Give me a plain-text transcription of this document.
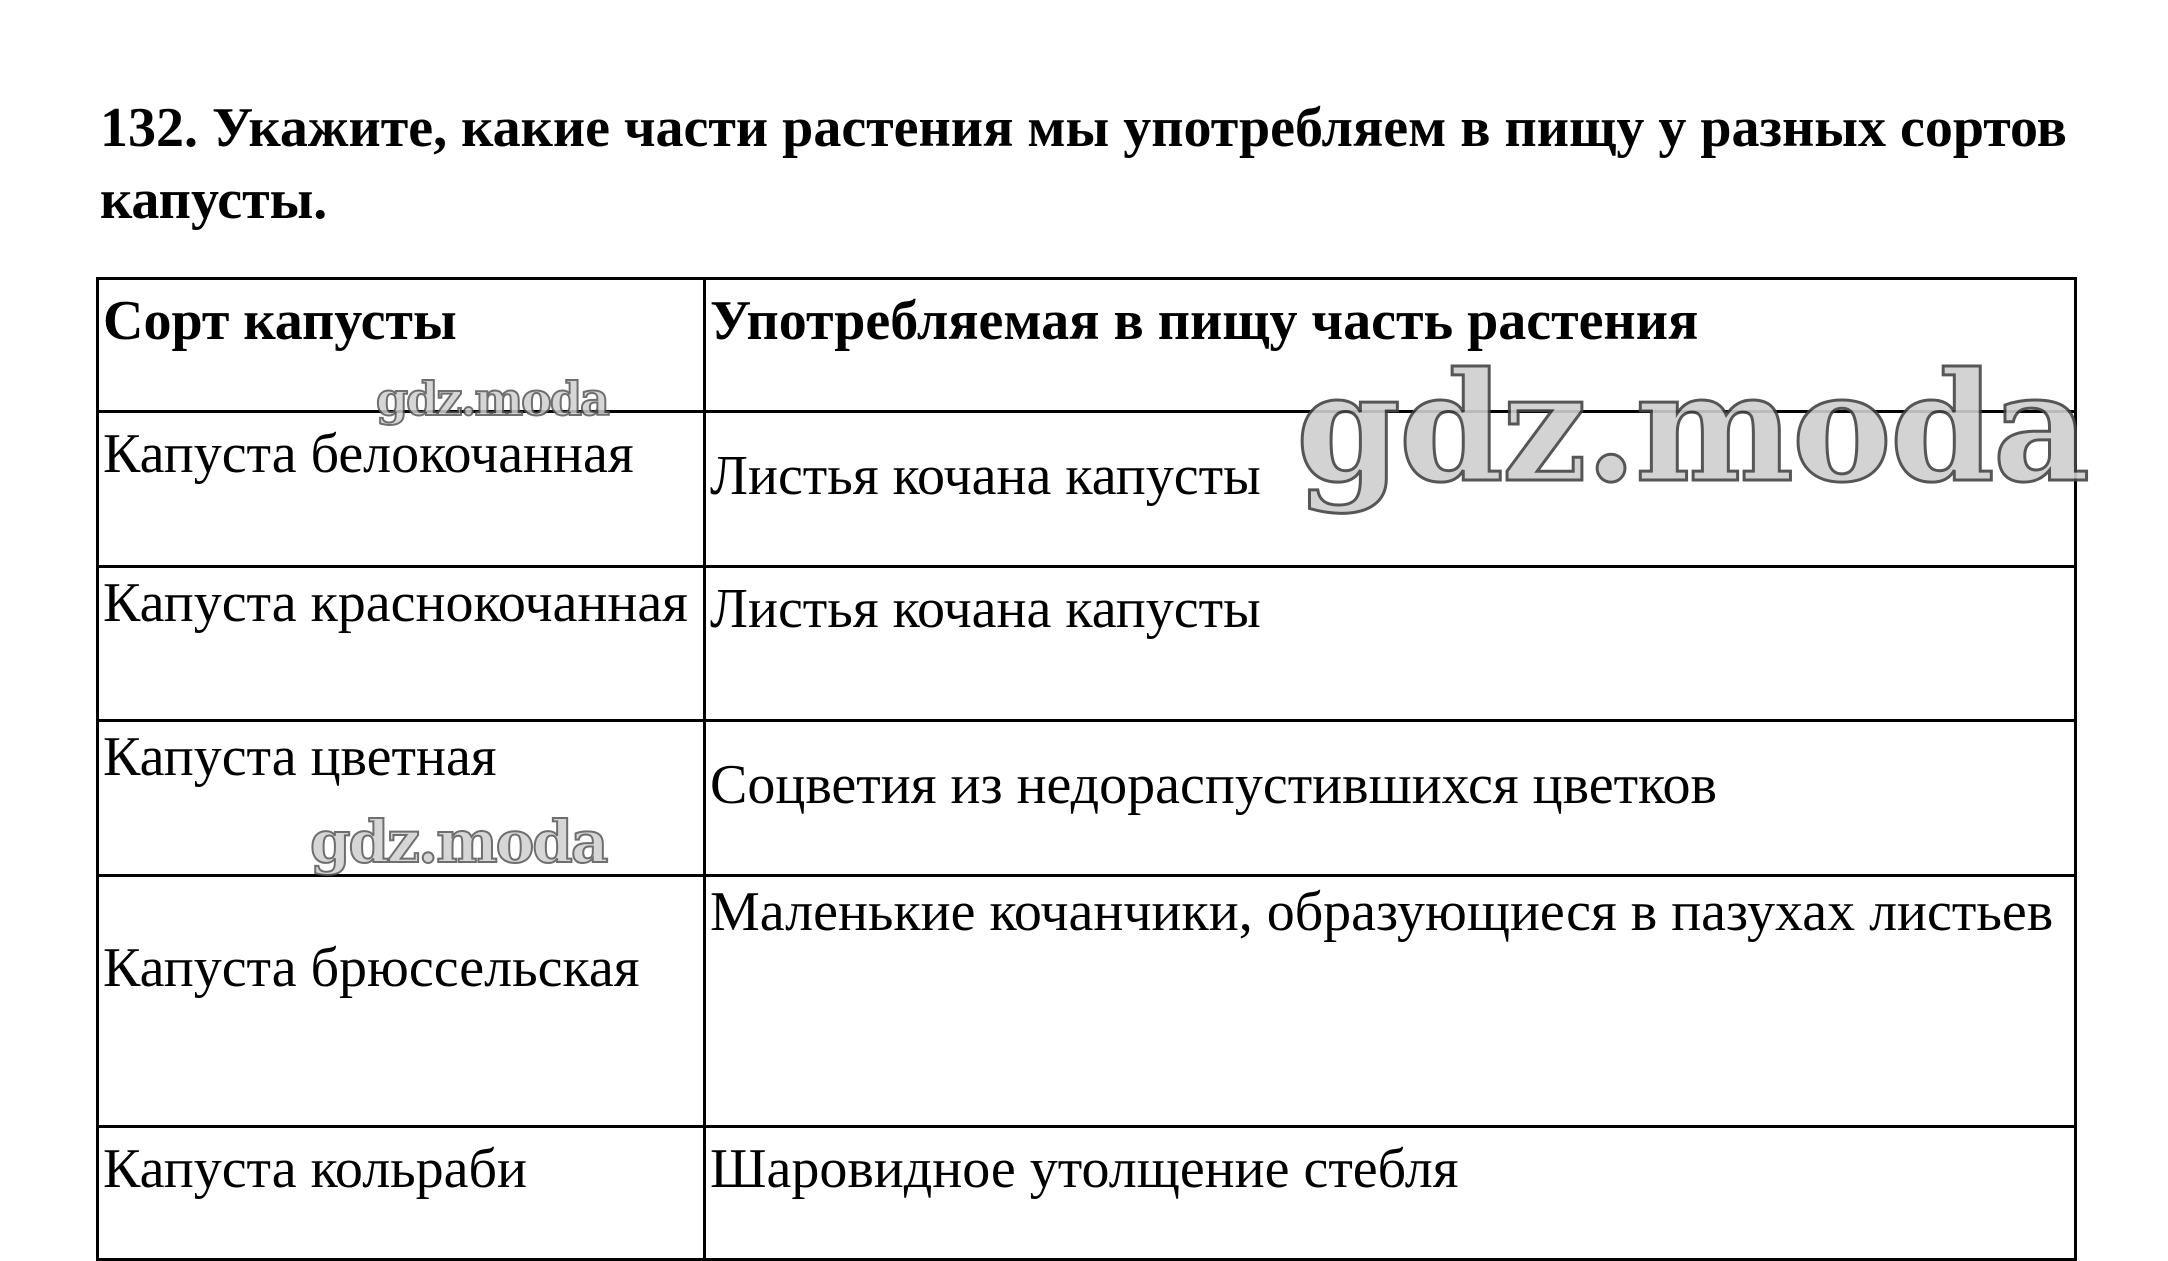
132. Укажите, какие части растения мы употребляем в пищу у разных сортов капусты.
Сорт капусты	Употребляемая в пищу часть растения
Капуста белокочанная	Листья кочана капусты
Капуста краснокочанная	Листья кочана капусты
Капуста цветная	Соцветия из недораспустившихся цветков
Капуста брюссельская	Маленькие кочанчики, образующиеся в пазухах листьев
Капуста кольраби	Шаровидное утолщение стебля
gdz.moda	gdz.moda
gdz.moda
